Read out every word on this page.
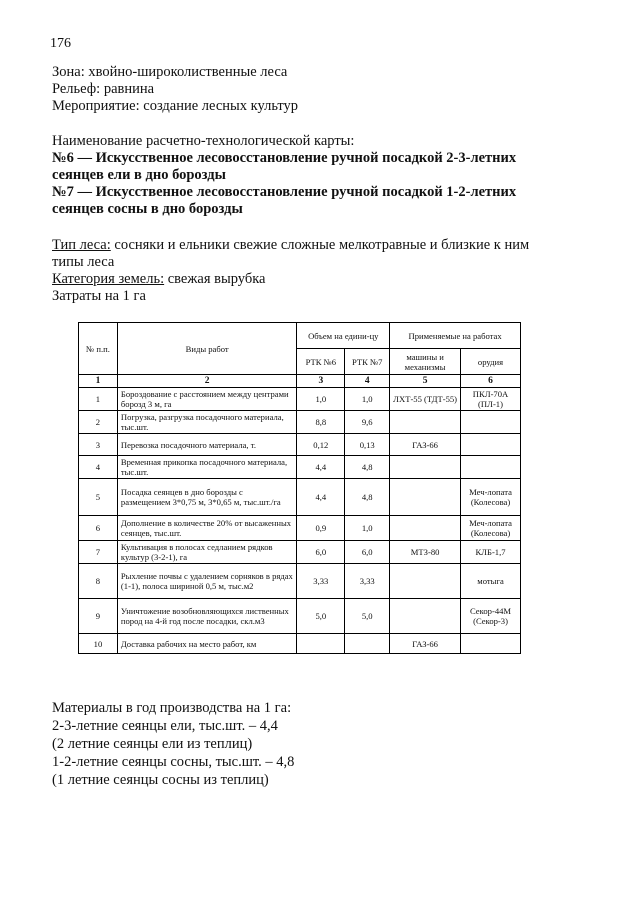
176
Зона: хвойно-широколиственные леса
Рельеф: равнина
Мероприятие: создание лесных культур
Наименование расчетно-технологической карты:
№6 — Искусственное лесовосстановление ручной посадкой 2-3-летних
сеянцев ели в дно борозды
№7 — Искусственное лесовосстановление ручной посадкой 1-2-летних
сеянцев сосны в дно борозды
Тип леса: сосняки и ельники свежие сложные мелкотравные и близкие к ним
типы леса
Категория земель: свежая вырубка
Затраты на 1 га
№ п.п.	Виды работ	Объем на едини-цу		Применяемые на работах	
		РТК №6	РТК №7	машины и механизмы	орудия
1	2	3	4	5	6
1	Бороздование с расстоянием между центрами борозд 3 м, га	1,0	1,0	ЛХТ-55 (ТДТ-55)	ПКЛ-70А (ПЛ-1)
2	Погрузка, разгрузка посадочного материала, тыс.шт.	8,8	9,6		
3	Перевозка посадочного материала, т.	0,12	0,13	ГАЗ-66	
4	Временная прикопка посадочного материала, тыс.шт.	4,4	4,8		
5	Посадка сеянцев в дно борозды с размещением 3*0,75 м, 3*0,65 м, тыс.шт./га	4,4	4,8		Меч-лопата (Колесова)
6	Дополнение в количестве 20% от высаженных сеянцев, тыс.шт.	0,9	1,0		Меч-лопата (Колесова)
7	Культивация в полосах седланием рядков культур (3-2-1), га	6,0	6,0	МТЗ-80	КЛБ-1,7
8	Рыхление почвы с удалением сорняков в рядах (1-1), полоса шириной 0,5 м, тыс.м2	3,33	3,33		мотыга
9	Уничтожение возобновляющихся лиственных пород на 4-й год после посадки, скл.м3	5,0	5,0		Секор-44М (Секор-3)
10	Доставка рабочих на место работ, км			ГАЗ-66	
Материалы в год производства на 1 га:
2-3-летние сеянцы ели, тыс.шт. – 4,4
(2 летние сеянцы ели из теплиц)
1-2-летние сеянцы сосны, тыс.шт. – 4,8
(1 летние сеянцы сосны из теплиц)
